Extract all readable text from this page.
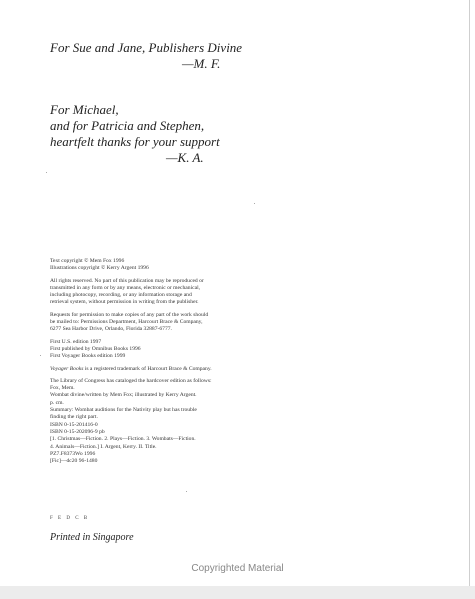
For Sue and Jane, Publishers Divine
—M. F.
For Michael,
and for Patricia and Stephen,
heartfelt thanks for your support
—K. A.

Text copyright © Mem Fox 1996
Illustrations copyright © Kerry Argent 1996

All rights reserved. No part of this publication may be reproduced or
transmitted in any form or by any means, electronic or mechanical,
including photocopy, recording, or any information storage and
retrieval system, without permission in writing from the publisher.

Requests for permission to make copies of any part of the work should
be mailed to: Permissions Department, Harcourt Brace & Company,
6277 Sea Harbor Drive, Orlando, Florida 32887-6777.

First U.S. edition 1997
First published by Omnibus Books 1996
First Voyager Books edition 1999

Voyager Books is a registered trademark of Harcourt Brace & Company.

The Library of Congress has cataloged the hardcover edition as follows:
Fox, Mem.
Wombat divine/written by Mem Fox; illustrated by Kerry Argent.
p. cm.
Summary: Wombat auditions for the Nativity play but has trouble
finding the right part.
ISBN 0-15-201416-0
ISBN 0-15-202096-9 pb
[1. Christmas—Fiction. 2. Plays—Fiction. 3. Wombats—Fiction.
4. Animals—Fiction.] I. Argent, Kerry. II. Title.
PZ7.F8373Wo 1996
[Fic]—dc20 96-1480

F E D C B
Printed in Singapore
Copyrighted Material
